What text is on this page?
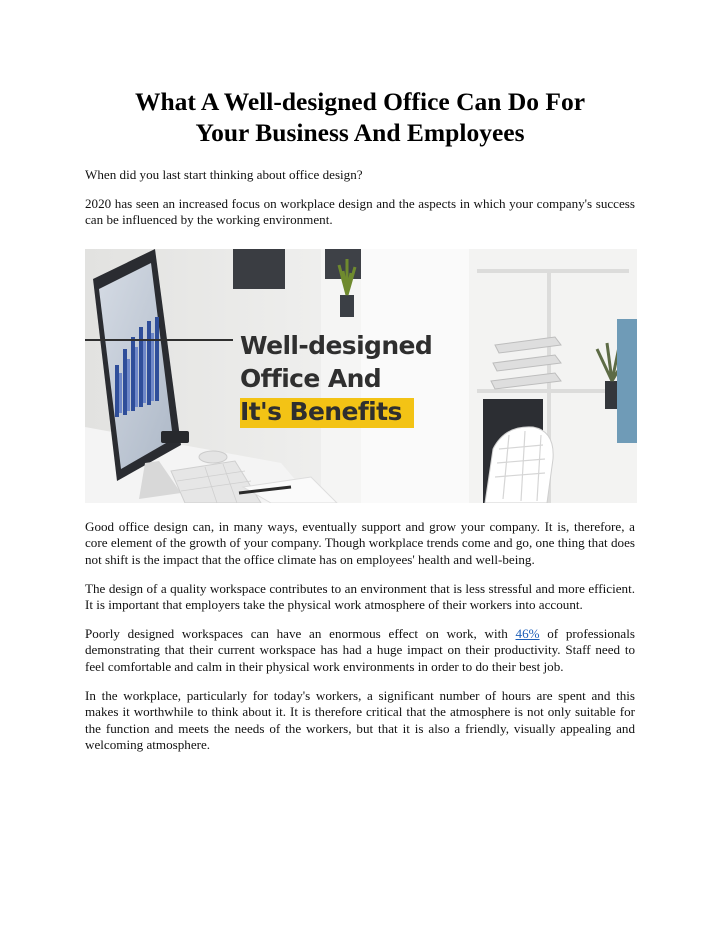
What A Well-designed Office Can Do For
Your Business And Employees

When did you last start thinking about office design?

2020 has seen an increased focus on workplace design and the aspects in which your company's success can be influenced by the working environment.

Well-designed
Office And
It's Benefits

Good office design can, in many ways, eventually support and grow your company. It is, therefore, a core element of the growth of your company. Though workplace trends come and go, one thing that does not shift is the impact that the office climate has on employees' health and well-being.

The design of a quality workspace contributes to an environment that is less stressful and more efficient. It is important that employers take the physical work atmosphere of their workers into account.

Poorly designed workspaces can have an enormous effect on work, with 46% of professionals demonstrating that their current workspace has had a huge impact on their productivity. Staff need to feel comfortable and calm in their physical work environments in order to do their best job.

In the workplace, particularly for today's workers, a significant number of hours are spent and this makes it worthwhile to think about it. It is therefore critical that the atmosphere is not only suitable for the function and meets the needs of the workers, but that it is also a friendly, visually appealing and welcoming atmosphere.
